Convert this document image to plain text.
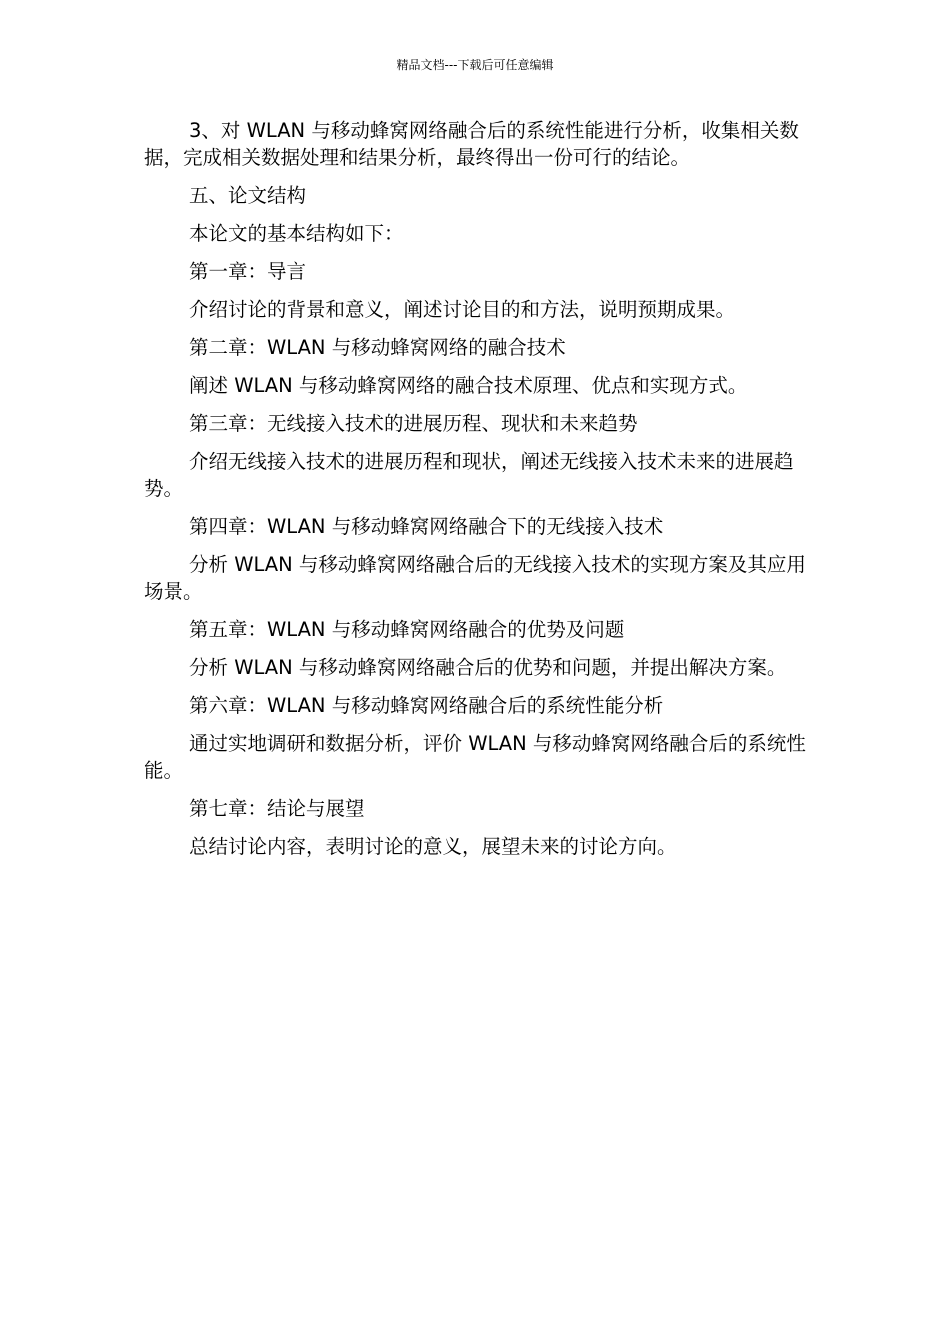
精品文档---下载后可任意编辑

3、对 WLAN 与移动蜂窝网络融合后的系统性能进行分析，收集相关数据，完成相关数据处理和结果分析，最终得出一份可行的结论。

五、论文结构

本论文的基本结构如下：

第一章：导言

介绍讨论的背景和意义，阐述讨论目的和方法，说明预期成果。

第二章：WLAN 与移动蜂窝网络的融合技术

阐述 WLAN 与移动蜂窝网络的融合技术原理、优点和实现方式。

第三章：无线接入技术的进展历程、现状和未来趋势

介绍无线接入技术的进展历程和现状，阐述无线接入技术未来的进展趋势。

第四章：WLAN 与移动蜂窝网络融合下的无线接入技术

分析 WLAN 与移动蜂窝网络融合后的无线接入技术的实现方案及其应用场景。

第五章：WLAN 与移动蜂窝网络融合的优势及问题

分析 WLAN 与移动蜂窝网络融合后的优势和问题，并提出解决方案。

第六章：WLAN 与移动蜂窝网络融合后的系统性能分析

通过实地调研和数据分析，评价 WLAN 与移动蜂窝网络融合后的系统性能。

第七章：结论与展望

总结讨论内容，表明讨论的意义，展望未来的讨论方向。
